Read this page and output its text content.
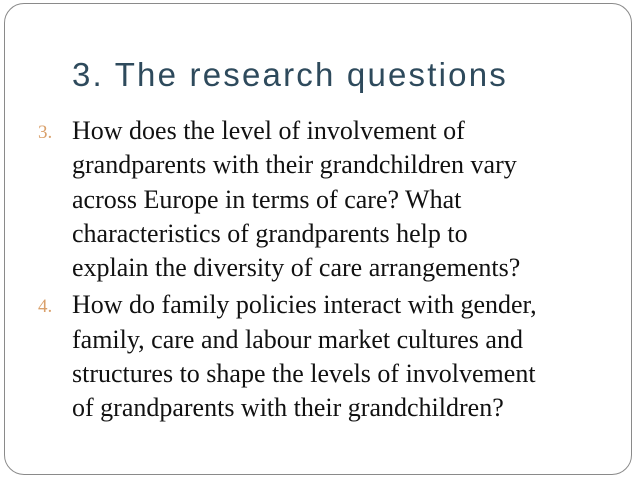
3. The research questions
3. How does the level of involvement of
grandparents with their grandchildren vary
across Europe in terms of care? What
characteristics of grandparents help to
explain the diversity of care arrangements?
4. How do family policies interact with gender,
family, care and labour market cultures and
structures to shape the levels of involvement
of grandparents with their grandchildren?
